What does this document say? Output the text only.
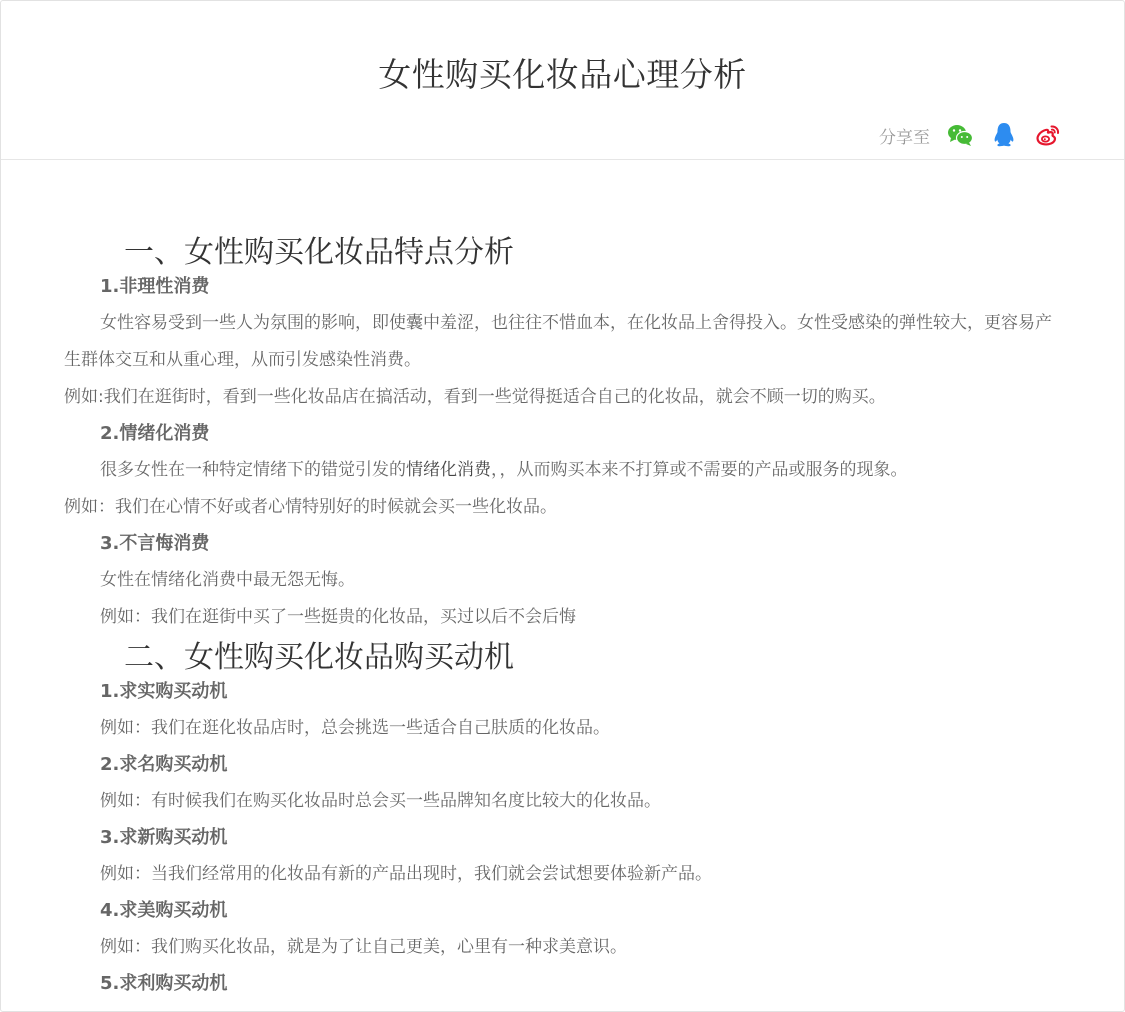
女性购买化妆品心理分析
分享至
一、女性购买化妆品特点分析
1.非理性消费

女性容易受到一些人为氛围的影响，即使囊中羞涩，也往往不惜血本，在化妆品上舍得投入。女性受感染的弹性较大，更容易产生群体交互和从重心理，从而引发感染性消费。

例如:我们在逛街时，看到一些化妆品店在搞活动，看到一些觉得挺适合自己的化妆品，就会不顾一切的购买。

2.情绪化消费

很多女性在一种特定情绪下的错觉引发的情绪化消费，，从而购买本来不打算或不需要的产品或服务的现象。

例如：我们在心情不好或者心情特别好的时候就会买一些化妆品。

3.不言悔消费

女性在情绪化消费中最无怨无悔。

例如：我们在逛街中买了一些挺贵的化妆品，买过以后不会后悔

二、女性购买化妆品购买动机
1.求实购买动机

例如：我们在逛化妆品店时，总会挑选一些适合自己肤质的化妆品。

2.求名购买动机

例如：有时候我们在购买化妆品时总会买一些品牌知名度比较大的化妆品。

3.求新购买动机

例如：当我们经常用的化妆品有新的产品出现时，我们就会尝试想要体验新产品。

4.求美购买动机

例如：我们购买化妆品，就是为了让自己更美，心里有一种求美意识。

5.求利购买动机
